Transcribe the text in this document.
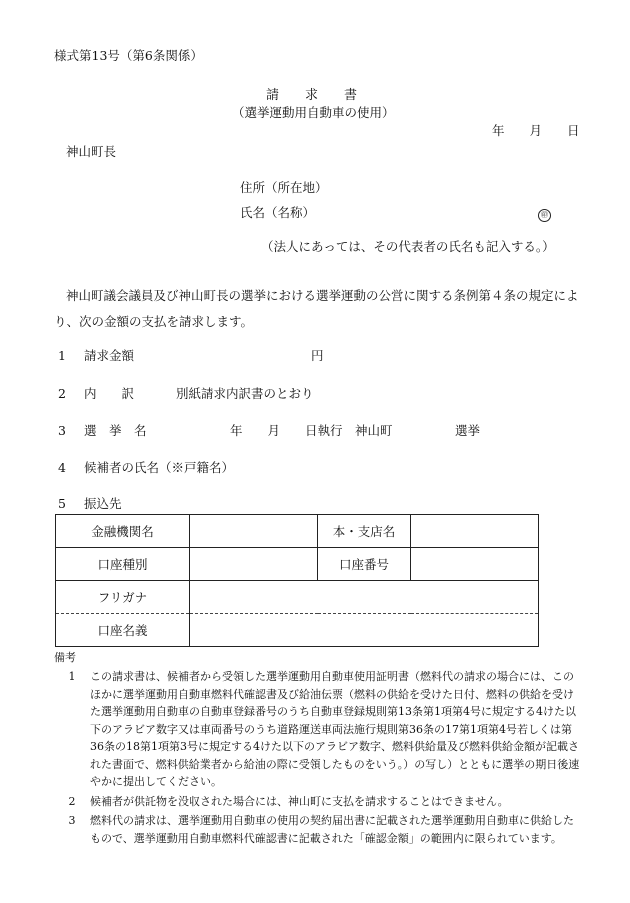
様式第13号（第6条関係）
請　　求　　書
（選挙運動用自動車の使用）
年　　月　　日
神山町長
住所（所在地）
氏名（名称）	㊞
（法人にあっては、その代表者の氏名も記入する。）
神山町議会議員及び神山町長の選挙における選挙運動の公営に関する条例第４条の規定により、次の金額の支払を請求します。
1 請求金額	円
2 内　　訳	別紙請求内訳書のとおり
3 選　挙　名	年　　月　　日執行　神山町　　　　　選挙
4 候補者の氏名（※戸籍名）
5 振込先
金融機関名		本・支店名	
口座種別		口座番号	
フリガナ			
口座名義			
備考
1	この請求書は、候補者から受領した選挙運動用自動車使用証明書（燃料代の請求の場合には、このほかに選挙運動用自動車燃料代確認書及び給油伝票（燃料の供給を受けた日付、燃料の供給を受けた選挙運動用自動車の自動車登録番号のうち自動車登録規則第13条第1項第4号に規定する4けた以下のアラビア数字又は車両番号のうち道路運送車両法施行規則第36条の17第1項第4号若しくは第36条の18第1項第3号に規定する4けた以下のアラビア数字、燃料供給量及び燃料供給金額が記載された書面で、燃料供給業者から給油の際に受領したものをいう。）の写し）とともに選挙の期日後速やかに提出してください。
2	候補者が供託物を没収された場合には、神山町に支払を請求することはできません。
3	燃料代の請求は、選挙運動用自動車の使用の契約届出書に記載された選挙運動用自動車に供給したもので、選挙運動用自動車燃料代確認書に記載された「確認金額」の範囲内に限られています。
